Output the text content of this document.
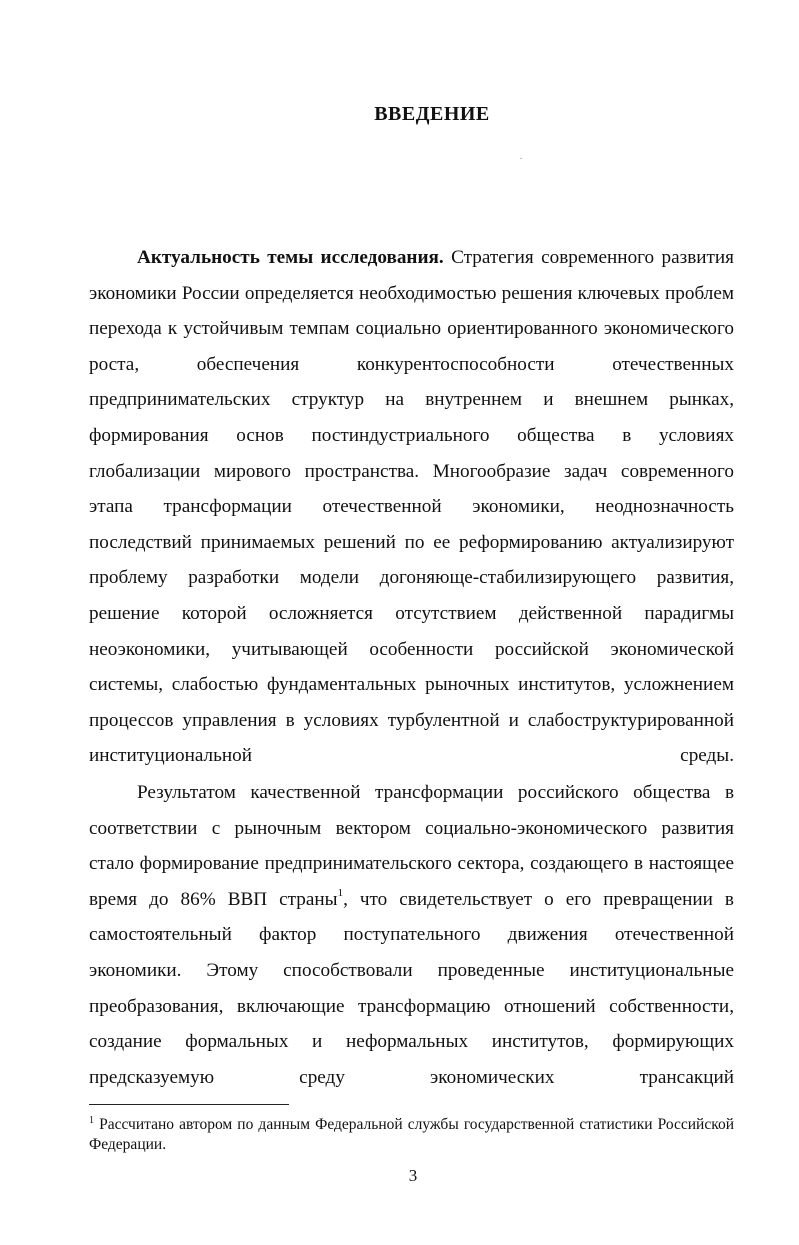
ВВЕДЕНИЕ

Актуальность темы исследования. Стратегия современного развития экономики России определяется необходимостью решения ключевых проблем перехода к устойчивым темпам социально ориентированного экономического роста, обеспечения конкурентоспособности отечественных предпринимательских структур на внутреннем и внешнем рынках, формирования основ постиндустриального общества в условиях глобализации мирового пространства. Многообразие задач современного этапа трансформации отечественной экономики, неоднозначность последствий принимаемых решений по ее реформированию актуализируют проблему разработки модели догоняюще-стабилизирующего развития, решение которой осложняется отсутствием действенной парадигмы неоэкономики, учитывающей особенности российской экономической системы, слабостью фундаментальных рыночных институтов, усложнением процессов управления в условиях турбулентной и слабоструктурированной институциональной среды.

Результатом качественной трансформации российского общества в соответствии с рыночным вектором социально-экономического развития стало формирование предпринимательского сектора, создающего в настоящее время до 86% ВВП страны$^1$, что свидетельствует о его превращении в самостоятельный фактор поступательного движения отечественной экономики. Этому способствовали проведенные институциональные преобразования, включающие трансформацию отношений собственности, создание формальных и неформальных институтов, формирующих предсказуемую среду экономических трансакций

$^1$ Рассчитано автором по данным Федеральной службы государственной статистики Российской Федерации.

3
